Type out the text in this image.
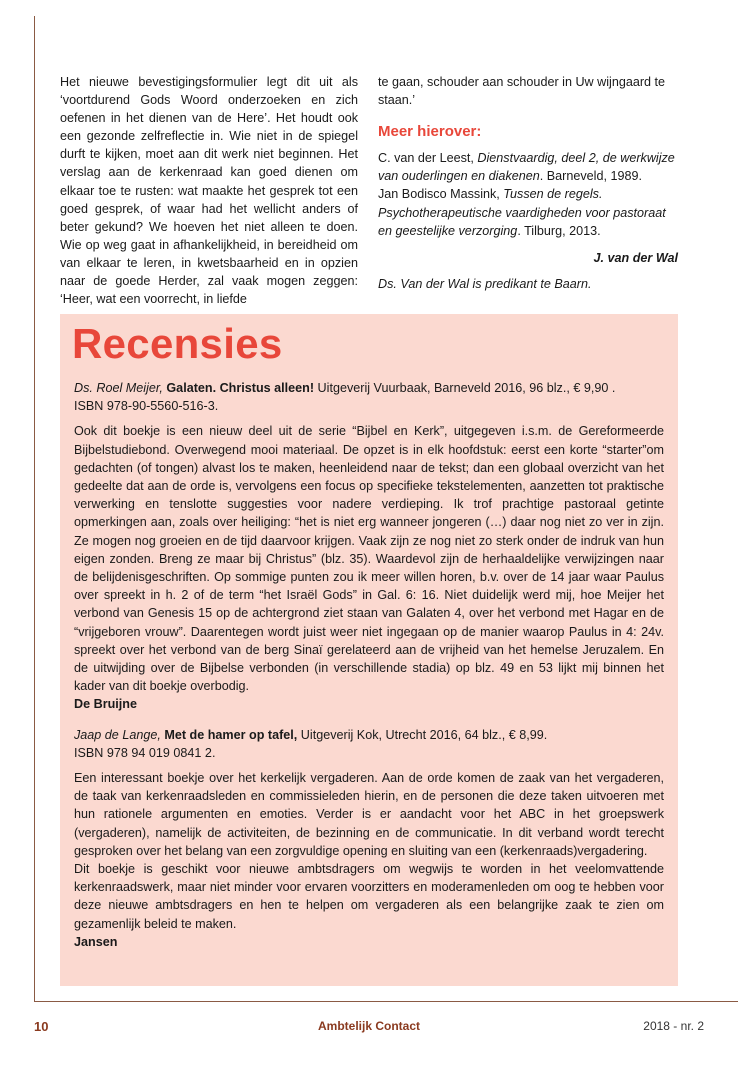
Het nieuwe bevestigingsformulier legt dit uit als ‘voortdurend Gods Woord onderzoeken en zich oefenen in het dienen van de Here’. Het houdt ook een gezonde zelfreflectie in. Wie niet in de spiegel durft te kijken, moet aan dit werk niet beginnen. Het verslag aan de kerkenraad kan goed dienen om elkaar toe te rusten: wat maakte het gesprek tot een goed gesprek, of waar had het wellicht anders of beter gekund? We hoeven het niet alleen te doen. Wie op weg gaat in afhankelijkheid, in bereidheid om van elkaar te leren, in kwetsbaarheid en in opzien naar de goede Herder, zal vaak mogen zeggen: ‘Heer, wat een voorrecht, in liefde

te gaan, schouder aan schouder in Uw wijngaard te staan.’

Meer hierover:

C. van der Leest, Dienstvaardig, deel 2, de werkwijze van ouderlingen en diakenen. Barneveld, 1989.

Jan Bodisco Massink, Tussen de regels. Psychotherapeutische vaardigheden voor pastoraat en geestelijke verzorging. Tilburg, 2013.

J. van der Wal
Ds. Van der Wal is predikant te Baarn.
Recensies

Ds. Roel Meijer, Galaten. Christus alleen! Uitgeverij Vuurbaak, Barneveld 2016, 96 blz., € 9,90 .
ISBN 978-90-5560-516-3.

Ook dit boekje is een nieuw deel uit de serie “Bijbel en Kerk”, uitgegeven i.s.m. de Gereformeerde Bijbelstudiebond. Overwegend mooi materiaal. De opzet is in elk hoofdstuk: eerst een korte “starter”om gedachten (of tongen) alvast los te maken, heenleidend naar de tekst; dan een globaal overzicht van het gedeelte dat aan de orde is, vervolgens een focus op specifieke tekstelementen, aanzetten tot praktische verwerking en tenslotte suggesties voor nadere verdieping. Ik trof prachtige pastoraal getinte opmerkingen aan, zoals over heiliging: “het is niet erg wanneer jongeren (…) daar nog niet zo ver in zijn. Ze mogen nog groeien en de tijd daarvoor krijgen. Vaak zijn ze nog niet zo sterk onder de indruk van hun eigen zonden. Breng ze maar bij Christus” (blz. 35). Waardevol zijn de herhaaldelijke verwijzingen naar de belijdenisgeschriften. Op sommige punten zou ik meer willen horen, b.v. over de 14 jaar waar Paulus over spreekt in h. 2 of de term “het Israël Gods” in Gal. 6: 16. Niet duidelijk werd mij, hoe Meijer het verbond van Genesis 15 op de achtergrond ziet staan van Galaten 4, over het verbond met Hagar en de “vrijgeboren vrouw”. Daarentegen wordt juist weer niet ingegaan op de manier waarop Paulus in 4: 24v. spreekt over het verbond van de berg Sinaï gerelateerd aan de vrijheid van het hemelse Jeruzalem. En de uitwijding over de Bijbelse verbonden (in verschillende stadia) op blz. 49 en 53 lijkt mij binnen het kader van dit boekje overbodig.

De Bruijne

Jaap de Lange, Met de hamer op tafel, Uitgeverij Kok, Utrecht 2016, 64 blz., € 8,99.
ISBN 978 94 019 0841 2.

Een interessant boekje over het kerkelijk vergaderen. Aan de orde komen de zaak van het vergaderen, de taak van kerkenraadsleden en commissieleden hierin, en de personen die deze taken uitvoeren met hun rationele argumenten en emoties. Verder is er aandacht voor het ABC in het groepswerk (vergaderen), namelijk de activiteiten, de bezinning en de communicatie. In dit verband wordt terecht gesproken over het belang van een zorgvuldige opening en sluiting van een (kerkenraads)vergadering.

Dit boekje is geschikt voor nieuwe ambtsdragers om wegwijs te worden in het veelomvattende kerkenraadswerk, maar niet minder voor ervaren voorzitters en moderamenleden om oog te hebben voor deze nieuwe ambtsdragers en hen te helpen om vergaderen als een belangrijke zaak te zien om gezamenlijk beleid te maken.

Jansen

10	Ambtelijk Contact	2018 - nr. 2
